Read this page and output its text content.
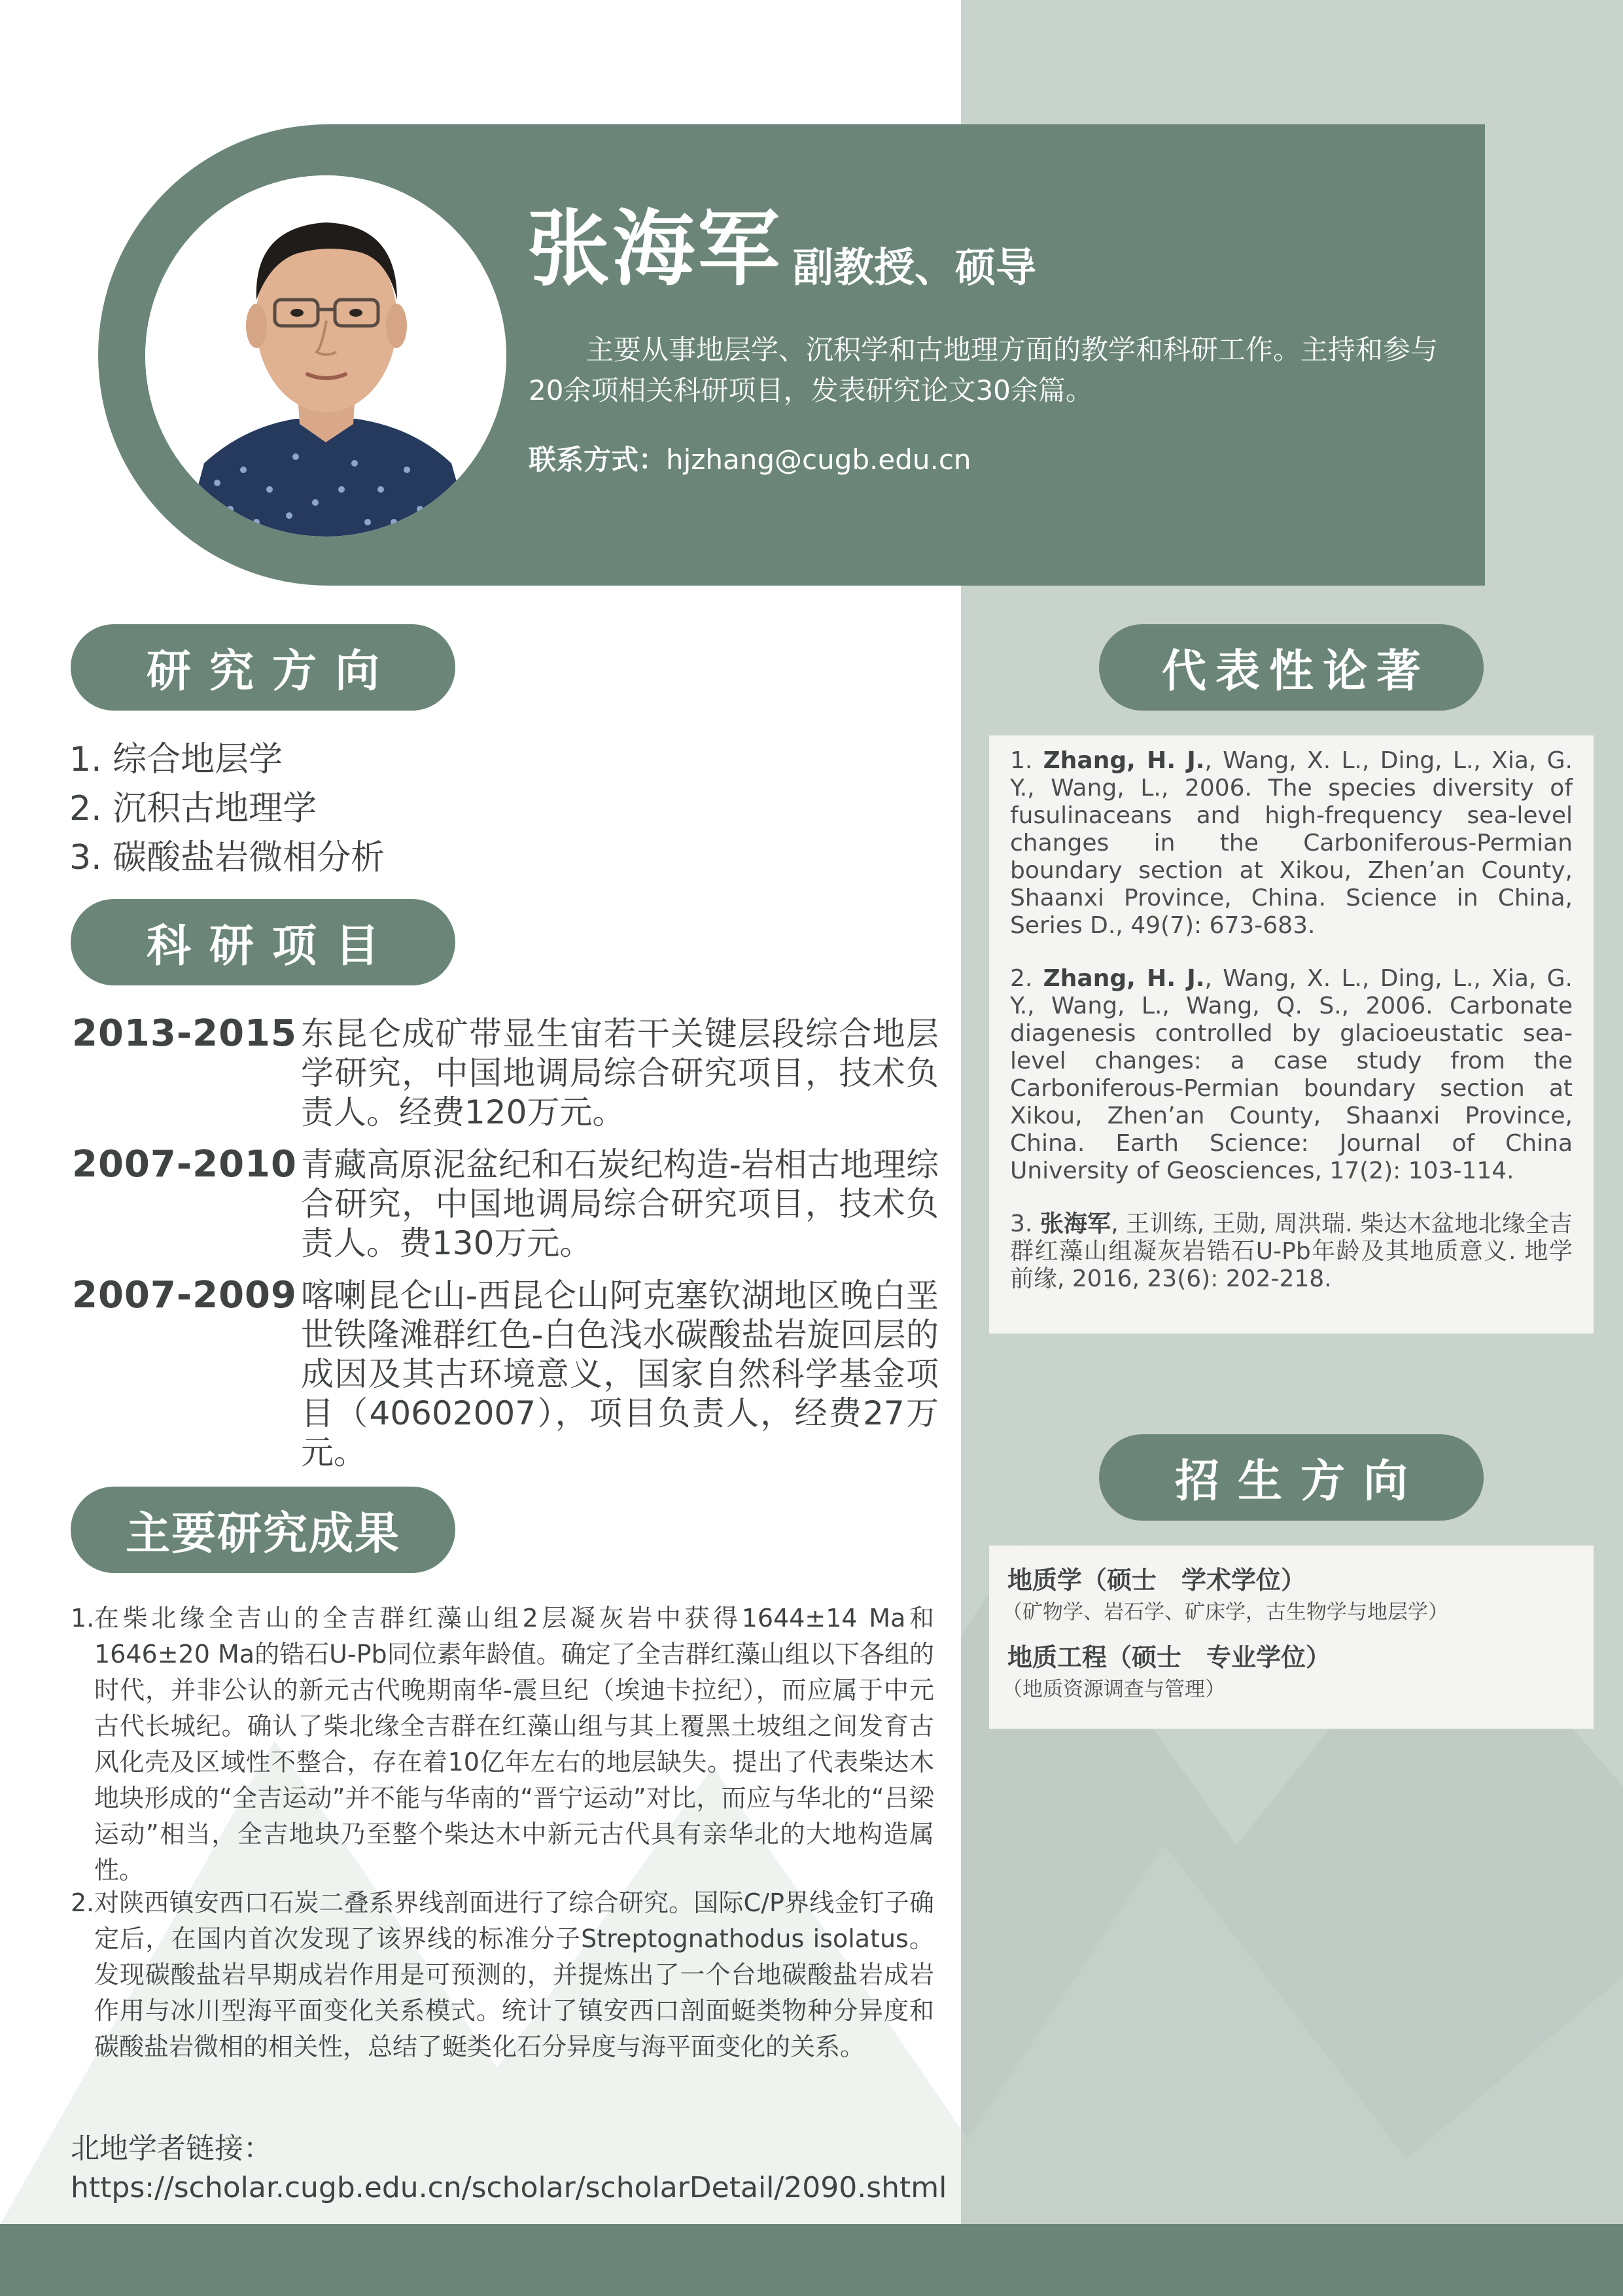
张海军 副教授、硕导
主要从事地层学、沉积学和古地理方面的教学和科研工作。主持和参与20余项相关科研项目，发表研究论文30余篇。
联系方式：hjzhang@cugb.edu.cn
研究方向
科研项目
主要研究成果
代表性论著
招生方向
1. 综合地层学
2. 沉积古地理学
3. 碳酸盐岩微相分析
2013-2015 东昆仑成矿带显生宙若干关键层段综合地层学研究，中国地调局综合研究项目，技术负责人。经费120万元。
2007-2010 青藏高原泥盆纪和石炭纪构造-岩相古地理综合研究，中国地调局综合研究项目，技术负责人。费130万元。
2007-2009 喀喇昆仑山-西昆仑山阿克塞钦湖地区晚白垩世铁隆滩群红色-白色浅水碳酸盐岩旋回层的成因及其古环境意义，国家自然科学基金项目（40602007），项目负责人，经费27万元。
1. 在柴北缘全吉山的全吉群红藻山组2层凝灰岩中获得1644±14 Ma和1646±20 Ma的锆石U-Pb同位素年龄值。确定了全吉群红藻山组以下各组的时代，并非公认的新元古代晚期南华-震旦纪（埃迪卡拉纪），而应属于中元古代长城纪。确认了柴北缘全吉群在红藻山组与其上覆黑土坡组之间发育古风化壳及区域性不整合，存在着10亿年左右的地层缺失。提出了代表柴达木地块形成的“全吉运动”并不能与华南的“晋宁运动”对比，而应与华北的“吕梁运动”相当，全吉地块乃至整个柴达木中新元古代具有亲华北的大地构造属性。
2. 对陕西镇安西口石炭二叠系界线剖面进行了综合研究。国际C/P界线金钉子确定后，在国内首次发现了该界线的标准分子Streptognathodus isolatus。发现碳酸盐岩早期成岩作用是可预测的，并提炼出了一个台地碳酸盐岩成岩作用与冰川型海平面变化关系模式。统计了镇安西口剖面蜓类物种分异度和碳酸盐岩微相的相关性，总结了蜓类化石分异度与海平面变化的关系。
北地学者链接：
https://scholar.cugb.edu.cn/scholar/scholarDetail/2090.shtml
1. Zhang, H. J., Wang, X. L., Ding, L., Xia, G. Y., Wang, L., 2006. The species diversity of fusulinaceans and high-frequency sea-level changes in the Carboniferous-Permian boundary section at Xikou, Zhen’an County, Shaanxi Province, China. Science in China, Series D., 49(7): 673-683.
2. Zhang, H. J., Wang, X. L., Ding, L., Xia, G. Y., Wang, L., Wang, Q. S., 2006. Carbonate diagenesis controlled by glacioeustatic sea-level changes: a case study from the Carboniferous-Permian boundary section at Xikou, Zhen’an County, Shaanxi Province, China. Earth Science: Journal of China University of Geosciences, 17(2): 103-114.
3. 张海军, 王训练, 王勋, 周洪瑞. 柴达木盆地北缘全吉群红藻山组凝灰岩锆石U-Pb年龄及其地质意义. 地学前缘, 2016, 23(6): 202-218.
地质学（硕士　学术学位）
（矿物学、岩石学、矿床学，古生物学与地层学）
地质工程（硕士　专业学位）
（地质资源调查与管理）
